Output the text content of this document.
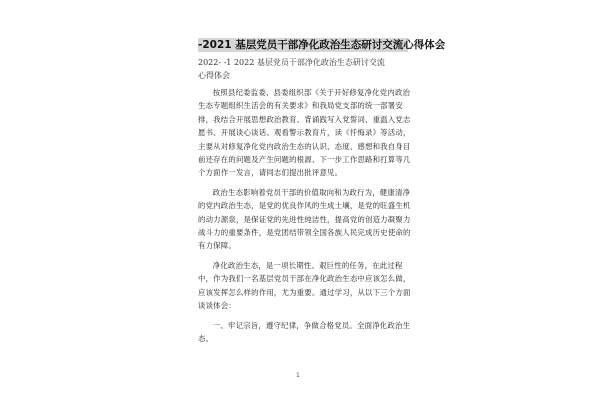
-2021 基层党员干部净化政治生态研讨交流心得体会
2022- -1 2022 基层党员干部净化政治生态研讨交流
心得体会

按照县纪委监委、县委组织部《关于开好修复净化党内政治生态专题组织生活会的有关要求》和我局党支部的统一部署安排，我结合开展思想政治教育、背诵践写入党誓词、重温入党志愿书、开展谈心谈话、观看警示教育片，读《忏悔录》等活动，主要从对修复净化党内政治生态的认识、态度、感想和我自身目前还存在的问题及产生问题的根源、下一步工作思路和打算等几个方面作一发言，请同志们提出批评意见。

政治生态影响着党员干部的价值取向和为政行为，健康清净的党内政治生态，是党的优良作风的生成土壤，是党的旺盛生机的动力源泉，是保证党的先进性纯洁性，提高党的创造力凝聚力战斗力的重要条件，是党团结带领全国各族人民完成历史使命的有力保障。

净化政治生态，是一项长期性、艰巨性的任务，在此过程中，作为我们一名基层党员干部在净化政治生态中应该怎么做，应该发挥怎么样的作用，尤为重要。通过学习，从以下三个方面谈谈体会：

一、牢记宗旨，遵守纪律，争做合格党员。全面净化政治生态。

1
